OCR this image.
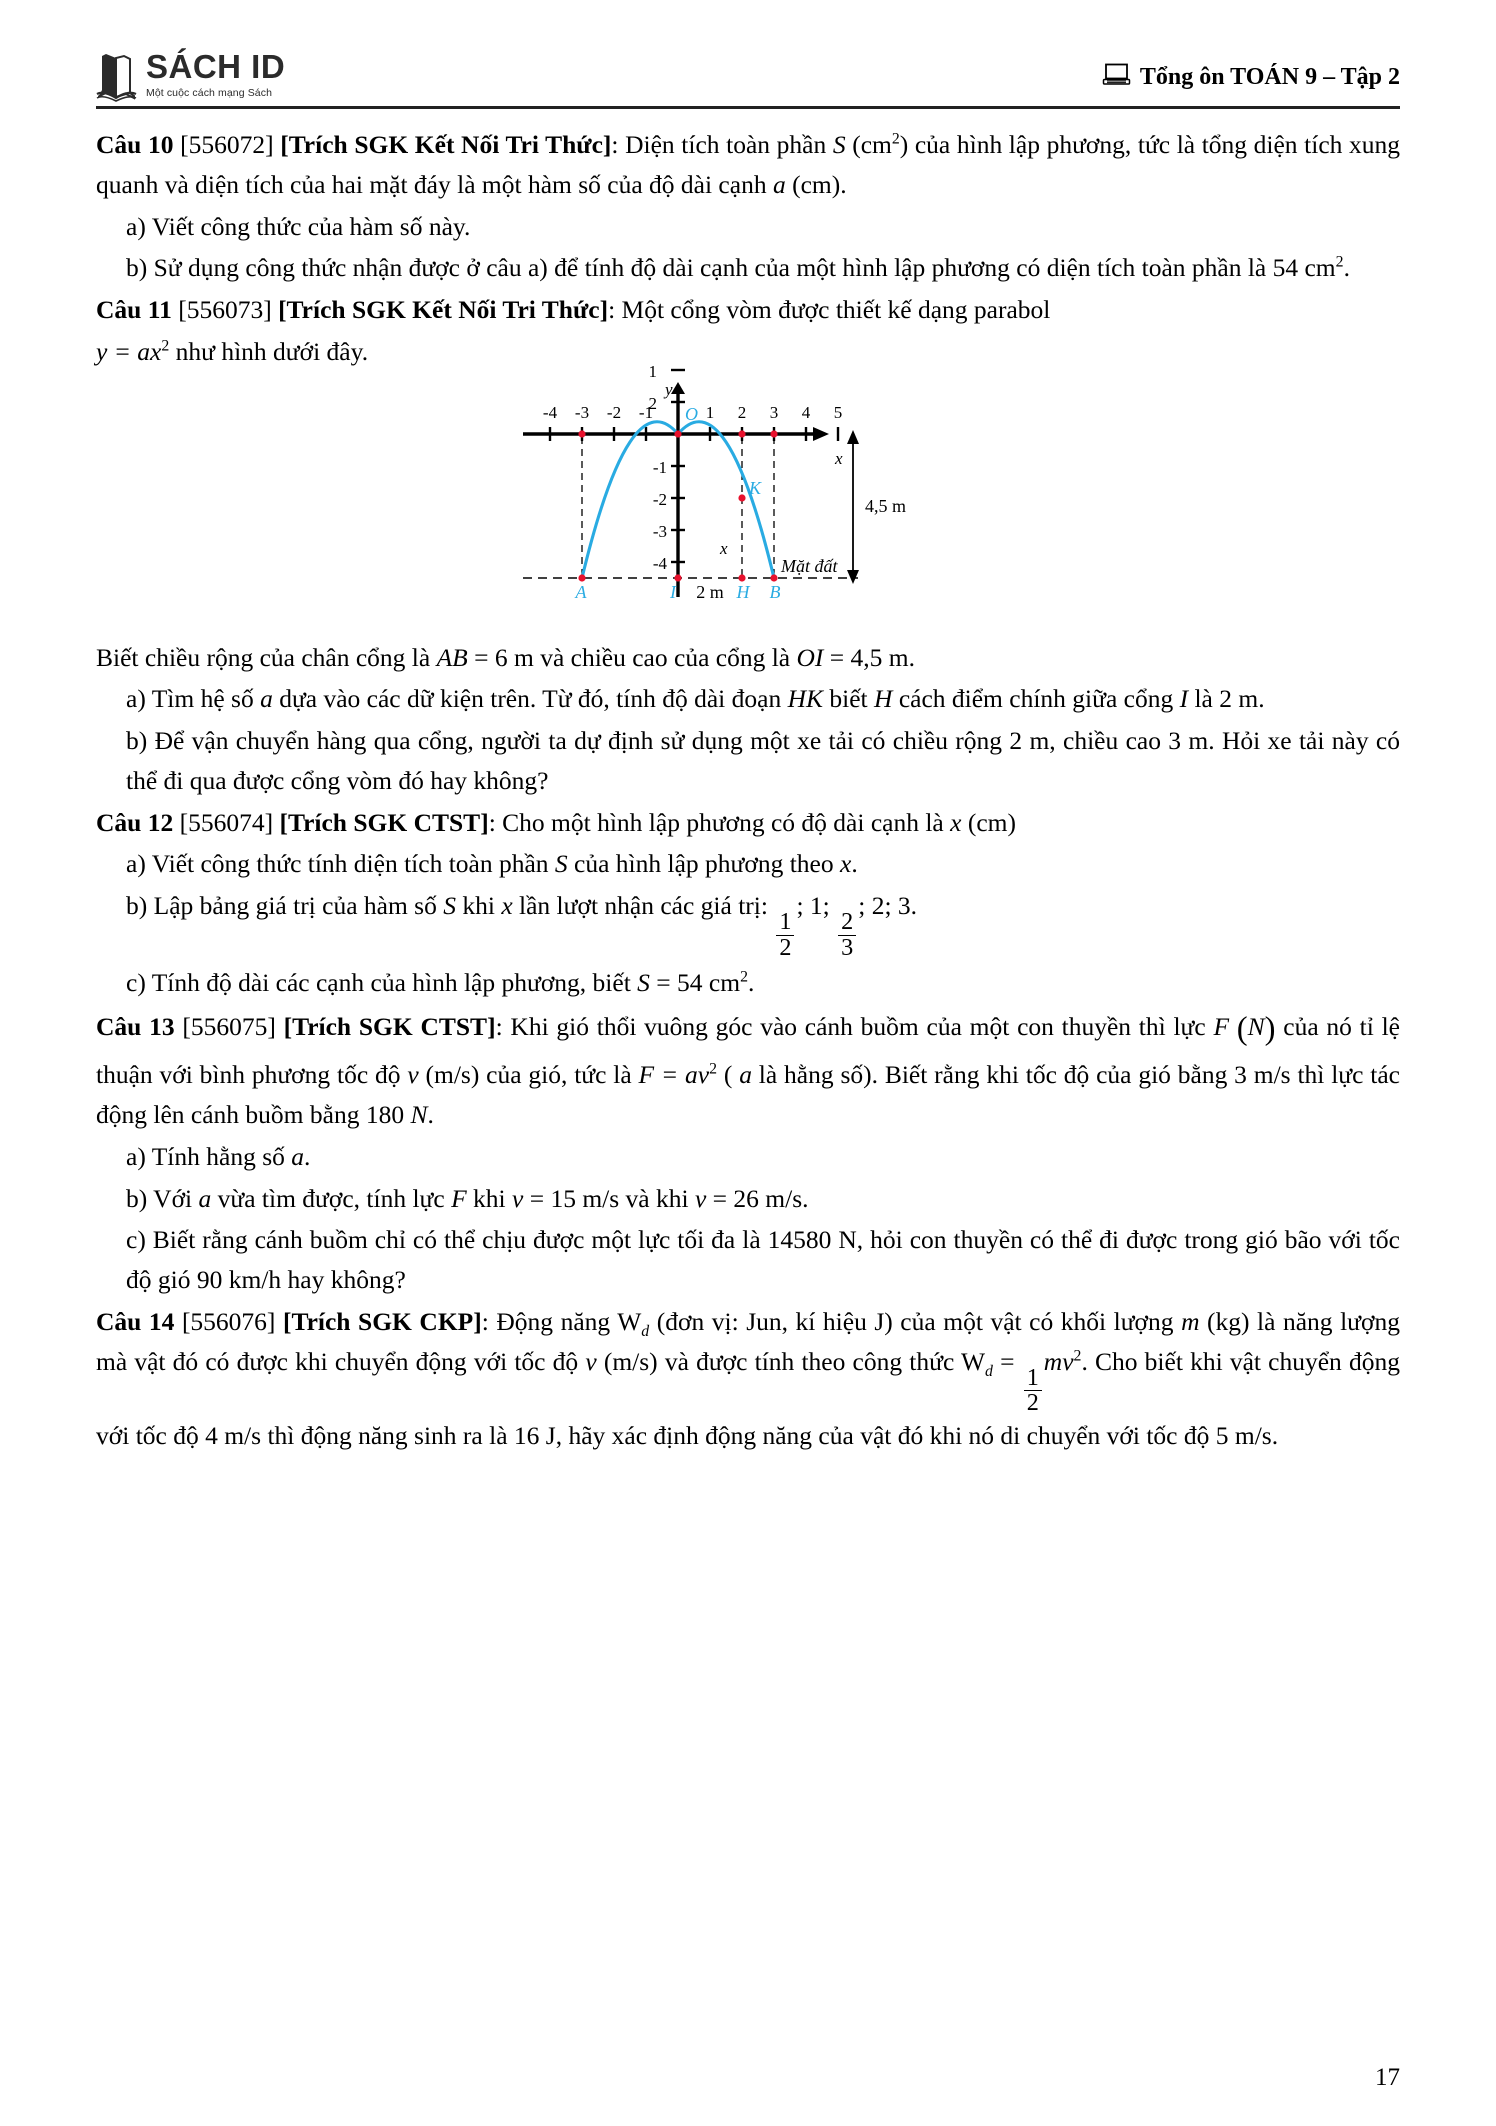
SÁCH ID
Một cuộc cách mạng Sách
Tổng ôn TOÁN 9 – Tập 2

Câu 10 [556072] [Trích SGK Kết Nối Tri Thức]: Diện tích toàn phần S $(cm^2)$ của hình lập phương, tức là tổng diện tích xung quanh và diện tích của hai mặt đáy là một hàm số của độ dài cạnh a (cm).

a) Viết công thức của hàm số này.

b) Sử dụng công thức nhận được ở câu a) để tính độ dài cạnh của một hình lập phương có diện tích toàn phần là 54 $cm^2$.

Câu 11 [556073] [Trích SGK Kết Nối Tri Thức]: Một cổng vòm được thiết kế dạng parabol

$y = ax^2$ như hình dưới đây.

y
x
2
1
-1
-2
-3
-4
-4 -3 -2 -1	1 2 3 4 5
O
K
x
A	I 2 m H B
Mặt đất
4,5 m

Biết chiều rộng của chân cổng là AB = 6 m và chiều cao của cổng là OI = 4,5 m.

a) Tìm hệ số a dựa vào các dữ kiện trên. Từ đó, tính độ dài đoạn HK biết H cách điểm chính giữa cổng I là 2 m.

b) Để vận chuyển hàng qua cổng, người ta dự định sử dụng một xe tải có chiều rộng 2 m, chiều cao 3 m. Hỏi xe tải này có thể đi qua được cổng vòm đó hay không?

Câu 12 [556074] [Trích SGK CTST]: Cho một hình lập phương có độ dài cạnh là x (cm)

a) Viết công thức tính diện tích toàn phần S của hình lập phương theo x.

b) Lập bảng giá trị của hàm số S khi x lần lượt nhận các giá trị:
$\frac{1}{2}$
; 1;
$\frac{2}{3}$
; 2; 3.

c) Tính độ dài các cạnh của hình lập phương, biết S = 54 $cm^2$.

Câu 13 [556075] [Trích SGK CTST]: Khi gió thổi vuông góc vào cánh buồm của một con thuyền thì lực F (N) của nó tỉ lệ thuận với bình phương tốc độ v (m/s) của gió, tức là $F = av^2$ ( a là hằng số). Biết rằng khi tốc độ của gió bằng 3 m/s thì lực tác động lên cánh buồm bằng 180 N.

a) Tính hằng số a.

b) Với a vừa tìm được, tính lực F khi v = 15 m/s và khi v = 26 m/s.

c) Biết rằng cánh buồm chỉ có thể chịu được một lực tối đa là 14580 N, hỏi con thuyền có thể đi được trong gió bão với tốc độ gió 90 km/h hay không?

Câu 14 [556076] [Trích SGK CKP]: Động năng $W_d$ (đơn vị: Jun, kí hiệu J) của một vật có khối lượng m (kg) là năng lượng mà vật đó có được khi chuyển động với tốc độ v (m/s) và được tính theo công thức $W_d$ =
$\frac{1}{2}$
$mv^2$. Cho biết khi vật chuyển động với tốc độ 4 m/s thì động năng sinh ra là 16 J, hãy xác định động năng của vật đó khi nó di chuyển với tốc độ 5 m/s.

17
